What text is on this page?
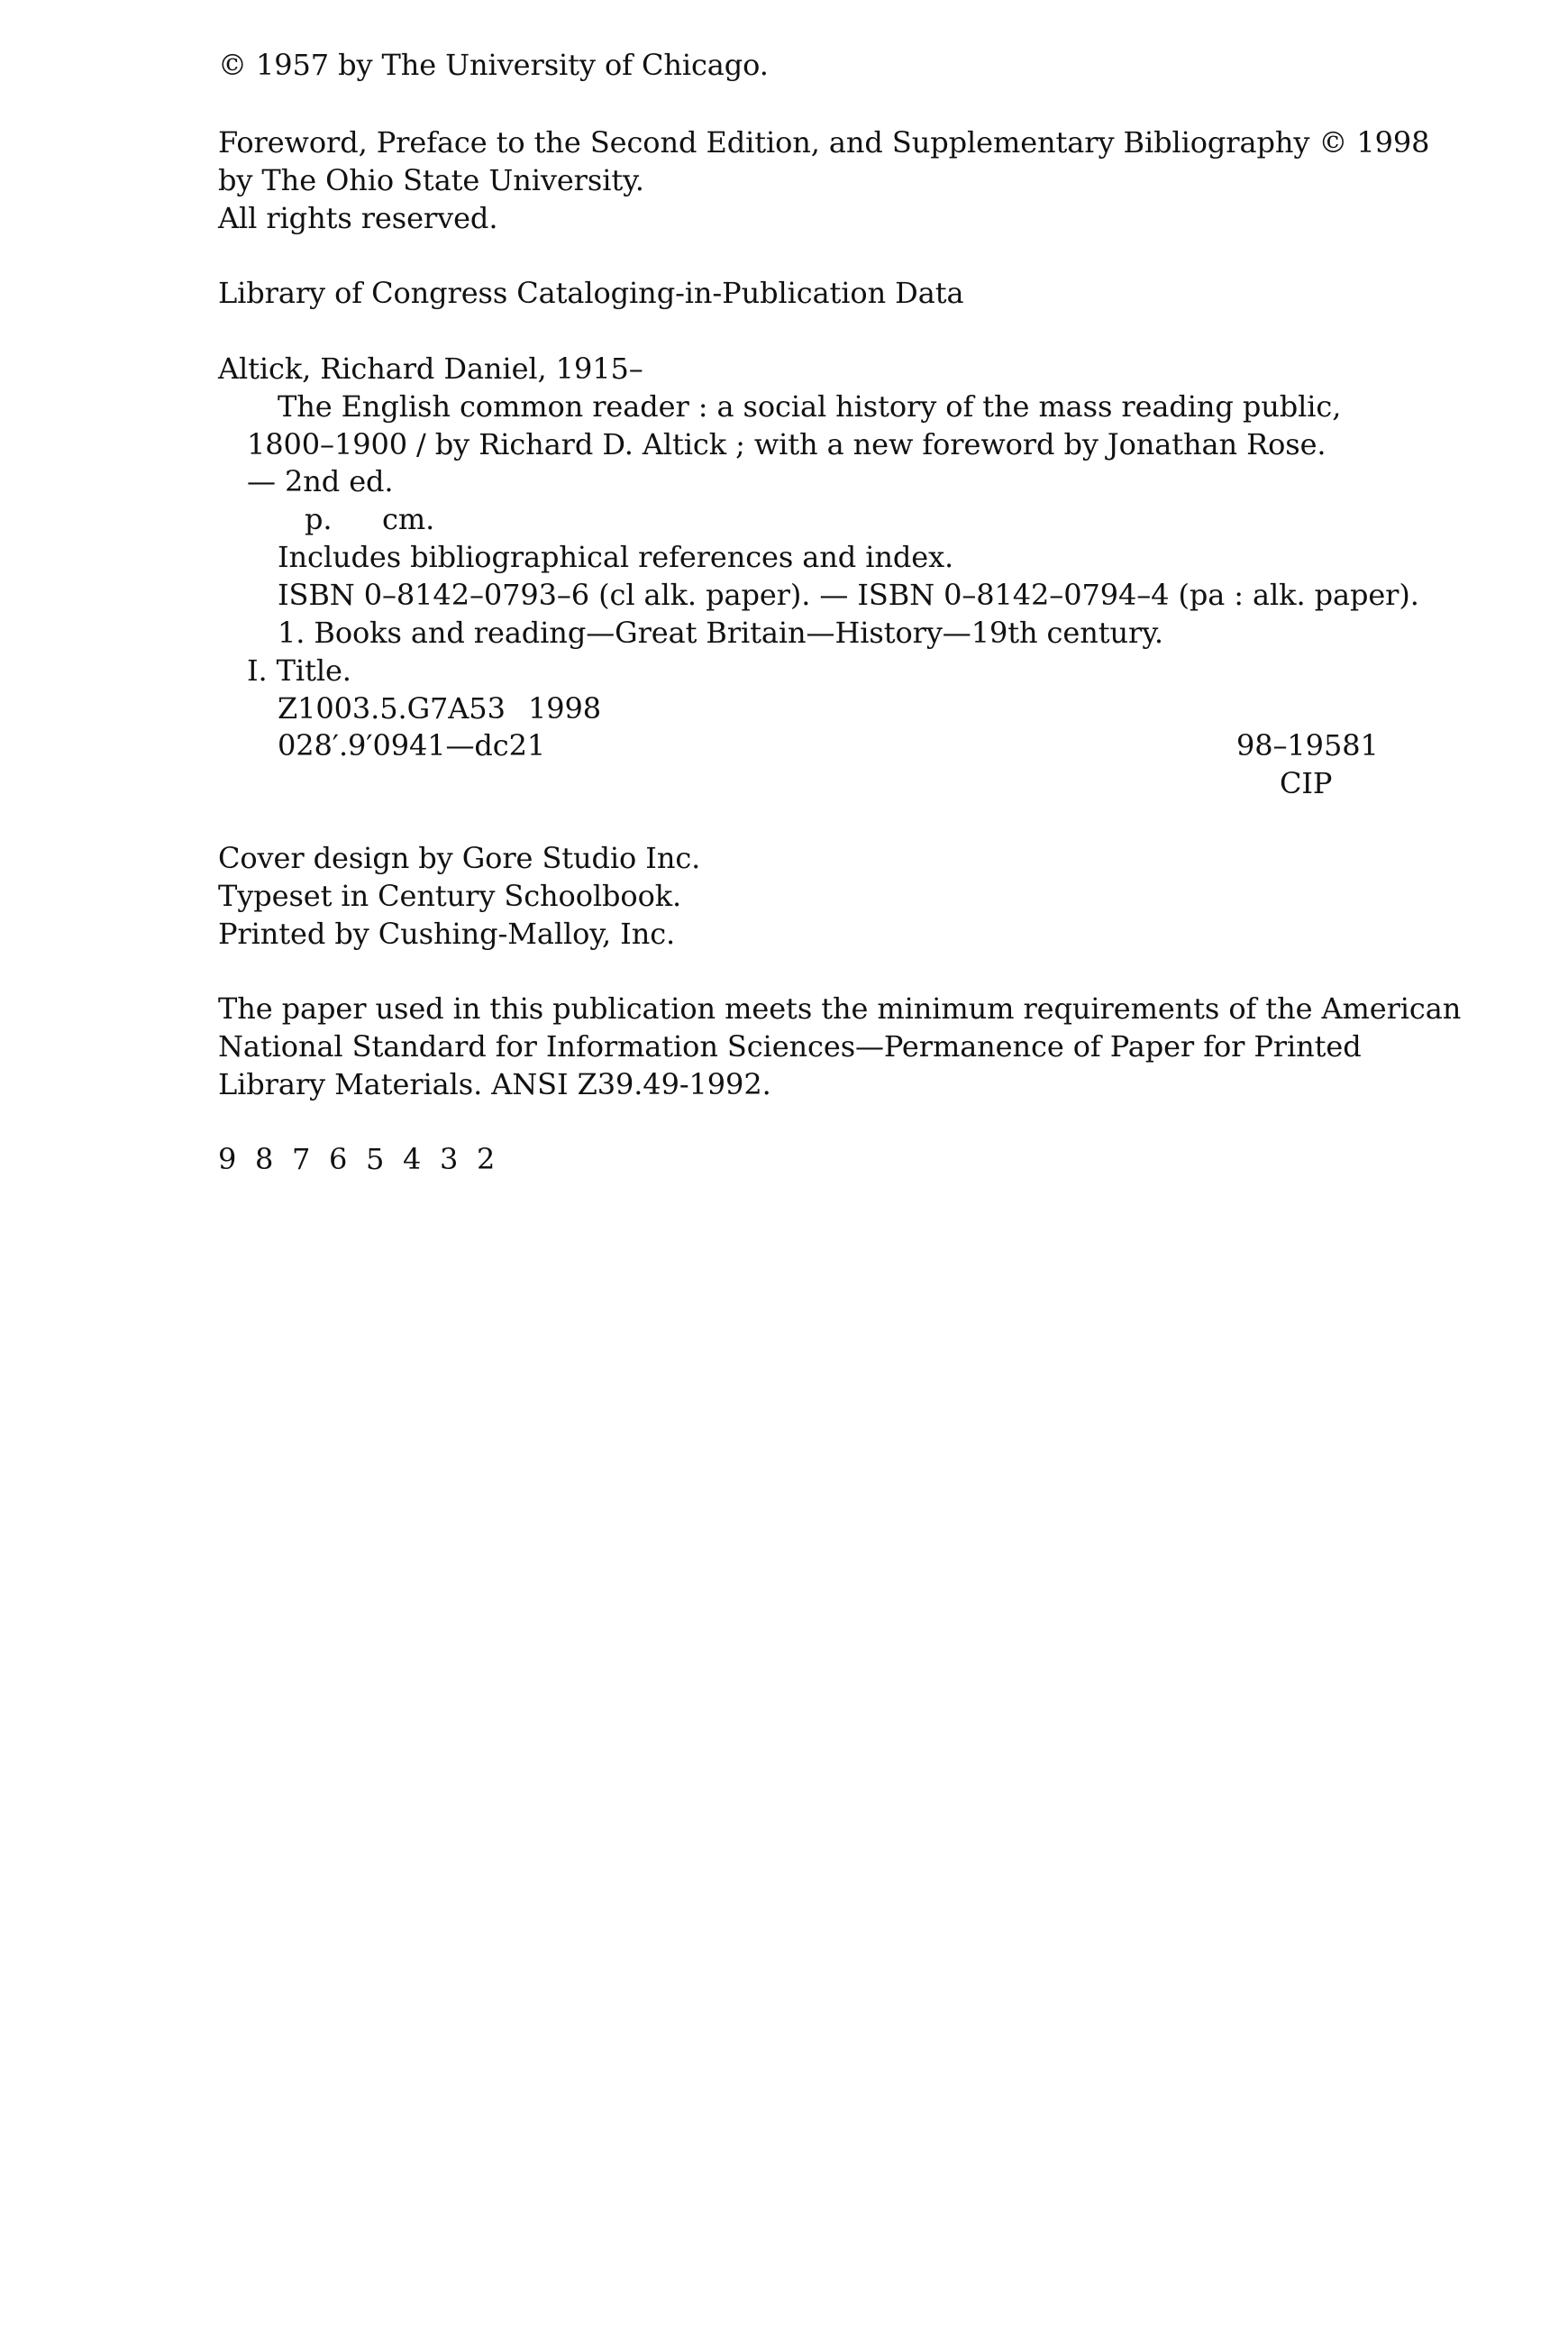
© 1957 by The University of Chicago.
Foreword, Preface to the Second Edition, and Supplementary Bibliography © 1998
by The Ohio State University.
All rights reserved.
Library of Congress Cataloging-in-Publication Data
Altick, Richard Daniel, 1915–
The English common reader : a social history of the mass reading public,
1800–1900 / by Richard D. Altick ; with a new foreword by Jonathan Rose.
— 2nd ed.
p. cm.
Includes bibliographical references and index.
ISBN 0–8142–0793–6 (cl alk. paper). — ISBN 0–8142–0794–4 (pa : alk. paper).
1. Books and reading—Great Britain—History—19th century.
I. Title.
Z1003.5.G7A53 1998
028′.9′0941—dc21	98–19581
CIP
Cover design by Gore Studio Inc.
Typeset in Century Schoolbook.
Printed by Cushing-Malloy, Inc.
The paper used in this publication meets the minimum requirements of the American
National Standard for Information Sciences—Permanence of Paper for Printed
Library Materials. ANSI Z39.49-1992.
9 8 7 6 5 4 3 2
